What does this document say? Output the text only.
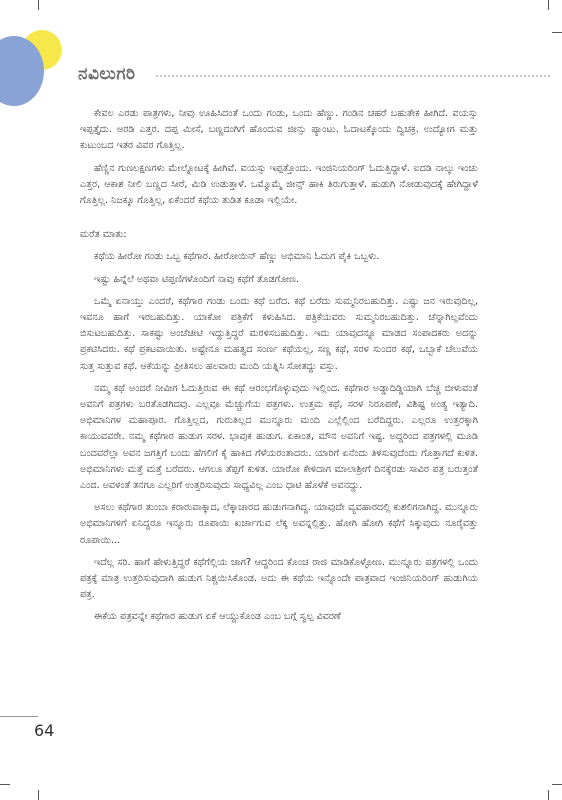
ನವಿಲುಗರಿ

ಕೇವಲ ಎರಡು ಪಾತ್ರಗಳು, ನೀವು ಊಹಿಸಿದಂತೆ ಒಂದು ಗಂಡು, ಒಂದು ಹೆಣ್ಣು. ಗಂಡಿನ ಚಹರೆ ಬಹುತೇಕ ಹೀಗಿದೆ. ವಯಸ್ಸು ಇಪ್ಪತ್ತೈದು. ಆರಡಿ ಎತ್ತರ. ದಪ್ಪ ಮೀಸೆ, ಬಣ್ಣದಂಗಿಗೆ ಹೊಂದುವ ಜೀನ್ಸು ಪ್ಯಾಂಟು. ಓದಾಟಕ್ಕೊಂದು ದ್ವಿಚಕ್ರ. ಉದ್ಯೋಗ ಮತ್ತು ಕುಟುಂಬದ ಇತರ ವಿವರ ಗೊತ್ತಿಲ್ಲ.

ಹೆಣ್ಣಿನ ಗುಣಲಕ್ಷಣಗಳು ಮೇಲ್ನೋಟಕ್ಕೆ ಹೀಗಿವೆ. ವಯಸ್ಸು ಇಪ್ಪತ್ತೊಂದು. ಇಂಜಿನಿಯರಿಂಗ್ ಓದುತ್ತಿದ್ದಾಳೆ. ಐದಡಿ ನಾಲ್ಕು ಇಂಚು ಎತ್ತರ, ಆಕಾಶ ನೀಲಿ ಬಣ್ಣದ ಸೀರೆ, ಮಿಡಿ ಉಡುತ್ತಾಳೆ. ಒಮ್ಮೊಮ್ಮೆ ಜೀನ್ಸ್ ಹಾಕಿ ತಿರುಗುತ್ತಾಳೆ. ಹುಡುಗಿ ನೋಡುವುದಕ್ಕೆ ಹೇಗಿದ್ದಾಳೆ ಗೊತ್ತಿಲ್ಲ. ನಿಜಕ್ಕೂ ಗೊತ್ತಿಲ್ಲ, ಏಕೆಂದರೆ ಕಥೆಯ ತುಡಿತ ಕೂಡಾ ಇಲ್ಲಿಯೇ.

ಮರೆತ ಮಾತು:

ಕಥೆಯ ಹೀರೋ ಗಂಡು ಒಬ್ಬ ಕಥೆಗಾರ. ಹೀರೋಯಿನ್ ಹೆಣ್ಣು ಅಭಿಮಾನಿ ಓದುಗ ಪೈಕಿ ಒಬ್ಬಳು.

ಇಷ್ಟು ಹಿನ್ನೆಲೆ ಅಥವಾ ಟಿಪ್ಪಣಿಗಳೊಂದಿಗೆ ನಾವು ಕಥೆಗೆ ತೊಡಗೋಣ.

ಒಮ್ಮೆ ಏನಾಯ್ತು ಎಂದರೆ, ಕಥೆಗಾರ ಗಂಡು ಒಂದು ಕಥೆ ಬರೆದ. ಕಥೆ ಬರೆದು ಸುಮ್ಮನಿರಬಹುದಿತ್ತು. ಎಷ್ಟು ಜನ ಇರುವುದಿಲ್ಲ, ಇವನೂ ಹಾಗೆ ಇರಬಹುದಿತ್ತು. ಯಾಕೋ ಪತ್ರಿಕೆಗೆ ಕಳುಹಿಸಿದ. ಪತ್ರಿಕೆಯವರು ಸುಮ್ಮನಿರಬಹುದಿತ್ತು. ಚೆನ್ನಾಗಿಲ್ಲವೆಂದು ಬಿಸುಟಬಹುದಿತ್ತು. ಸಾಕಷ್ಟು ಅಂಚೆಚೀಟಿ ಇದ್ದುತ್ತಿದ್ದರೆ ಮರಳಿಸಬಹುದಿತ್ತು. ಇದು ಯಾವುದನ್ನೂ ಮಾಡದ ಸಂಪಾದಕರು ಅದನ್ನು ಪ್ರಕಟಿಸಿದರು. ಕಥೆ ಪ್ರಕಟವಾಯಿತು. ಅಷ್ಟೇನೂ ಮಹತ್ವದ ಸಂರ್ಣ ಕಥೆಯಲ್ಲ, ಸಣ್ಣ ಕಥೆ, ಸರಳ ಸುಂದರ ಕಥೆ, ಒಬ್ಬಾಕೆ ಚೆಲುವೆಯ ಸುತ್ತ ಸುತ್ತುವ ಕಥೆ. ಆಕೆಯನ್ನು ಪ್ರೀತಿಸಲು ಹಲವಾರು ಮಂದಿ ಯತ್ನಿಸಿ ಸೋತದ್ದು ವಸ್ತು.

ನಮ್ಮ ಕಥೆ ಅಂದರೆ ನೀವೀಗ ಓದುತ್ತಿರುವ ಈ ಕಥೆ ಆರಂಭಗೊಳ್ಳುವುದು ಇಲ್ಲಿಂದ. ಕಥೆಗಾರ ಅಡ್ಡಾದಿಡ್ಡಿಯಾಗಿ ಬೆಚ್ಚಿ ಬೀಳುವಂತೆ ಅವನಿಗೆ ಪತ್ರಗಳು ಬರತೊಡಗಿದವು. ಎಲ್ಲವೂ ಮೆಚ್ಚುಗೆಯ ಪತ್ರಗಳು. ಉತ್ತಮ ಕಥೆ, ಸರಳ ನಿರೂಪಣೆ, ವಿಶಿಷ್ಟ ಅಂತ್ಯ ಇತ್ಯಾದಿ. ಅಭಿಮಾನಿಗಳ ಮಹಾಪೂರ. ಗೊತ್ತಿಲ್ಲದ, ಗುರುತಿಲ್ಲದ ಮುನ್ನೂರು ಮಂದಿ ಎಲ್ಲೆಲ್ಲಿಂದ ಬರೆದಿದ್ದರು. ಎಲ್ಲರೂ ಉತ್ತರಕ್ಕಾಗಿ ಕಾಯುವವರೇ. ನಮ್ಮ ಕಥೆಗಾರ ಹುಡುಗ ಸರಳ. ಭಾವುಕ ಹುಡುಗ. ಏಕಾಂತ, ಮೌನ ಅವನಿಗೆ ಇಷ್ಟ. ಅದ್ದರಿಂದ ಪತ್ರಗಳಲ್ಲಿ ಮೂಡಿ ಬಂದವರೆಲ್ಲಾ ಅವನ ಜಗತ್ತಿಗೆ ಬಂದು ಹೆಗಲಿಗೆ ಕೈ ಹಾಕಿದ ಗೆಳೆಯರಂತಾದರು. ಯಾರಿಗೆ ಏನೆಂದು ತಿಳಿಸುವುದೆಂದು ಗೊತ್ತಾಗದೆ ಕುಳಿತ. ಅಭಿಮಾನಿಗಳು ಮತ್ತೆ ಮತ್ತೆ ಬರೆದರು. ಆಗಲೂ ತೆಪ್ಪಗೆ ಕುಳಿತ. ಯಾರೋ ಕೇಳಿದಾಗ ಮಾಲಾಶ್ರೀಗೆ ದಿನಕ್ಕೆರಡು ಸಾವಿರ ಪತ್ರ ಬರುತ್ತಂತೆ ಎಂದ. ಅವಳಂತೆ ತನಗೂ ಎಲ್ಲರಿಗೆ ಉತ್ತರಿಸುವುದು ಸಾಧ್ಯವಿಲ್ಲ ಎಂಬ ಧಾಟಿ ಹೊಳೆಕೆ ಅವನದ್ದು.

ಅಸಲು ಕಥೆಗಾರ ತುಂಬಾ ಕರಾರುವಾಕ್ಕಾದ, ಲೆಕ್ಕಾಚಾರದ ಹುಡುಗನಾಗಿದ್ದ. ಯಾವುದೇ ವ್ಯವಹಾರದಲ್ಲಿ ಕುಶಲಿಗನಾಗಿದ್ದ. ಮುನ್ನೂರು ಅಭಿಮಾನಿಗಳಿಗೆ ಏನಿದ್ದರೂ ಇನ್ನೂರು ರೂಪಾಯಿ ಖರ್ಚಾಗುವ ಲೆಕ್ಕ ಅವನ್ನಲ್ಲಿತ್ತು. ಹೋಗಿ ಹೋಗಿ ಕಥೆಗೆ ಸಿಕ್ಕುವುದು ನೂರೈವತ್ತು ರೂಪಾಯಿ...

ಇದೆಲ್ಲ ಸರಿ. ಹಾಗೆ ಹೇಳುತ್ತಿದ್ದರೆ ಕಥೆಗೆಲ್ಲಿಯ ಜಾಗ? ಆದ್ದರಿಂದ ಕೊಂಚ ರಾಜಿ ಮಾಡಿಕೊಳ್ಳೋಣ. ಮುನ್ನೂರು ಪತ್ರಗಳಲ್ಲಿ ಒಂದು ಪತ್ರಕ್ಕೆ ಮಾತ್ರ ಉತ್ತರಿಸುವುದಾಗಿ ಹುಡುಗ ನಿಶ್ಚಯಿಸಿಕೊಂಡ. ಅದು ಈ ಕಥೆಯ ಇನ್ನೊಂದೇ ಪಾತ್ರವಾದ ಇಂಜಿನಿಯರಿಂಗ್ ಹುಡುಗಿಯ ಪತ್ರ.

ಈಕೆಯ ಪತ್ರವನ್ನೇ ಕಥೆಗಾರ ಹುಡುಗ ಏಕೆ ಆಯ್ದುಕೊಂಡ ಎಂಬ ಬಗ್ಗೆ ಸ್ವಲ್ಪ ವಿವರಣೆ

64
